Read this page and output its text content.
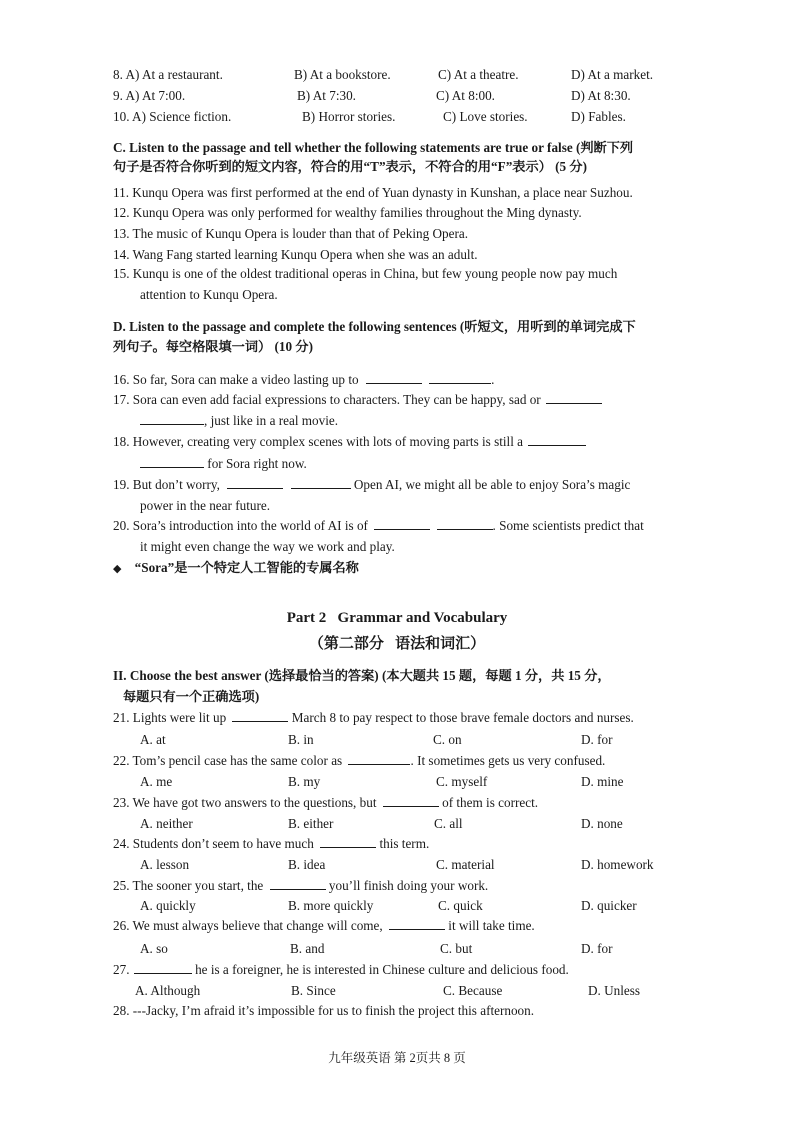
8. A) At a restaurant.	B) At a bookstore.	C) At a theatre.	D) At a market.
9. A) At 7:00.	B) At 7:30.	C) At 8:00.	D) At 8:30.
10. A) Science fiction.	B) Horror stories.	C) Love stories.	D) Fables.
C. Listen to the passage and tell whether the following statements are true or false (判断下列
句子是否符合你听到的短文内容，符合的用“T”表示，不符合的用“F”表示） (5 分)
11. Kunqu Opera was first performed at the end of Yuan dynasty in Kunshan, a place near Suzhou.
12. Kunqu Opera was only performed for wealthy families throughout the Ming dynasty.
13. The music of Kunqu Opera is louder than that of Peking Opera.
14. Wang Fang started learning Kunqu Opera when she was an adult.
15. Kunqu is one of the oldest traditional operas in China, but few young people now pay much
attention to Kunqu Opera.
D. Listen to the passage and complete the following sentences (听短文，用听到的单词完成下
列句子。每空格限填一词） (10 分)
16. So far, Sora can make a video lasting up to	.
17. Sora can even add facial expressions to characters. They can be happy, sad or
, just like in a real movie.
18. However, creating very complex scenes with lots of moving parts is still a
for Sora right now.
19. But don’t worry,	Open AI, we might all be able to enjoy Sora’s magic
power in the near future.
20. Sora’s introduction into the world of AI is of	. Some scientists predict that
it might even change the way we work and play.
◆ “Sora”是一个特定人工智能的专属名称
Part 2   Grammar and Vocabulary
（第二部分   语法和词汇）
II. Choose the best answer (选择最恰当的答案) (本大题共 15 题，每题 1 分，共 15 分，
每题只有一个正确选项)
21. Lights were lit up	March 8 to pay respect to those brave female doctors and nurses.
A. at	B. in	C. on	D. for
22. Tom’s pencil case has the same color as	. It sometimes gets us very confused.
A. me	B. my	C. myself	D. mine
23. We have got two answers to the questions, but	of them is correct.
A. neither	B. either	C. all	D. none
24. Students don’t seem to have much	this term.
A. lesson	B. idea	C. material	D. homework
25. The sooner you start, the	you’ll finish doing your work.
A. quickly	B. more quickly	C. quick	D. quicker
26. We must always believe that change will come,	it will take time.
A. so	B. and	C. but	D. for
27.	he is a foreigner, he is interested in Chinese culture and delicious food.
A. Although	B. Since	C. Because	D. Unless
28. ---Jacky, I’m afraid it’s impossible for us to finish the project this afternoon.
九年级英语 第 2页共 8 页
